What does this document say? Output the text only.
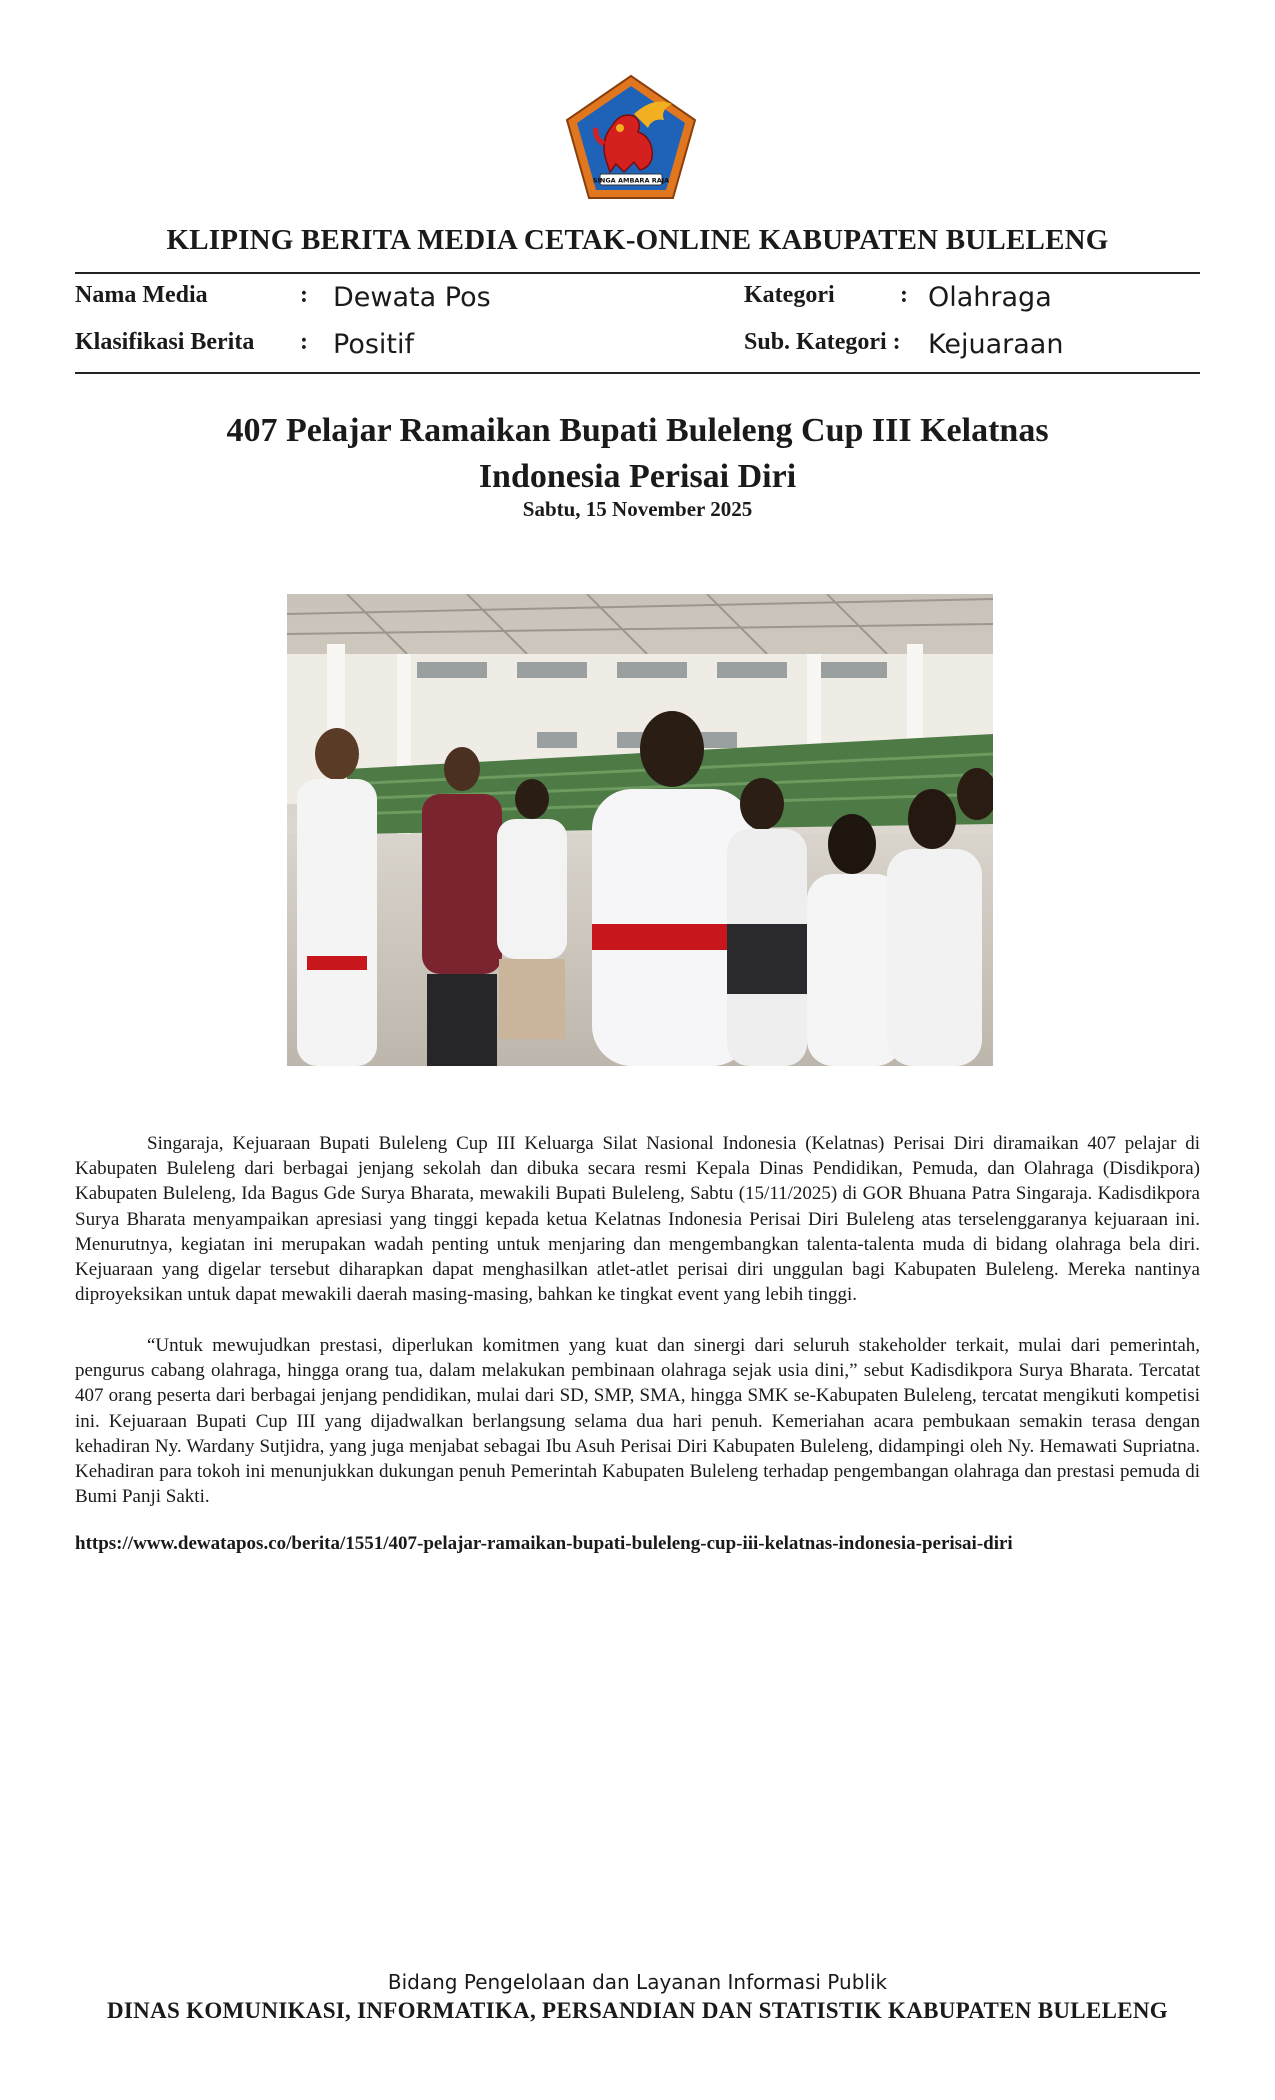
SINGA AMBARA RAJA
KLIPING BERITA MEDIA CETAK-ONLINE KABUPATEN BULELENG
Nama Media	: Dewata Pos
Klasifikasi Berita : Positif
Kategori	: Olahraga
Sub. Kategori : Kejuaraan
407 Pelajar Ramaikan Bupati Buleleng Cup III Kelatnas
Indonesia Perisai Diri
Sabtu, 15 November 2025

Singaraja, Kejuaraan Bupati Buleleng Cup III Keluarga Silat Nasional Indonesia (Kelatnas) Perisai Diri diramaikan 407 pelajar di Kabupaten Buleleng dari berbagai jenjang sekolah dan dibuka secara resmi Kepala Dinas Pendidikan, Pemuda, dan Olahraga (Disdikpora) Kabupaten Buleleng, Ida Bagus Gde Surya Bharata, mewakili Bupati Buleleng, Sabtu (15/11/2025) di GOR Bhuana Patra Singaraja. Kadisdikpora Surya Bharata menyampaikan apresiasi yang tinggi kepada ketua Kelatnas Indonesia Perisai Diri Buleleng atas terselenggaranya kejuaraan ini. Menurutnya, kegiatan ini merupakan wadah penting untuk menjaring dan mengembangkan talenta-talenta muda di bidang olahraga bela diri. Kejuaraan yang digelar tersebut diharapkan dapat menghasilkan atlet-atlet perisai diri unggulan bagi Kabupaten Buleleng. Mereka nantinya diproyeksikan untuk dapat mewakili daerah masing-masing, bahkan ke tingkat event yang lebih tinggi.

“Untuk mewujudkan prestasi, diperlukan komitmen yang kuat dan sinergi dari seluruh stakeholder terkait, mulai dari pemerintah, pengurus cabang olahraga, hingga orang tua, dalam melakukan pembinaan olahraga sejak usia dini,” sebut Kadisdikpora Surya Bharata. Tercatat 407 orang peserta dari berbagai jenjang pendidikan, mulai dari SD, SMP, SMA, hingga SMK se-Kabupaten Buleleng, tercatat mengikuti kompetisi ini. Kejuaraan Bupati Cup III yang dijadwalkan berlangsung selama dua hari penuh. Kemeriahan acara pembukaan semakin terasa dengan kehadiran Ny. Wardany Sutjidra, yang juga menjabat sebagai Ibu Asuh Perisai Diri Kabupaten Buleleng, didampingi oleh Ny. Hemawati Supriatna. Kehadiran para tokoh ini menunjukkan dukungan penuh Pemerintah Kabupaten Buleleng terhadap pengembangan olahraga dan prestasi pemuda di Bumi Panji Sakti.

https://www.dewatapos.co/berita/1551/407-pelajar-ramaikan-bupati-buleleng-cup-iii-kelatnas-indonesia-perisai-diri
Bidang Pengelolaan dan Layanan Informasi Publik
DINAS KOMUNIKASI, INFORMATIKA, PERSANDIAN DAN STATISTIK KABUPATEN BULELENG
